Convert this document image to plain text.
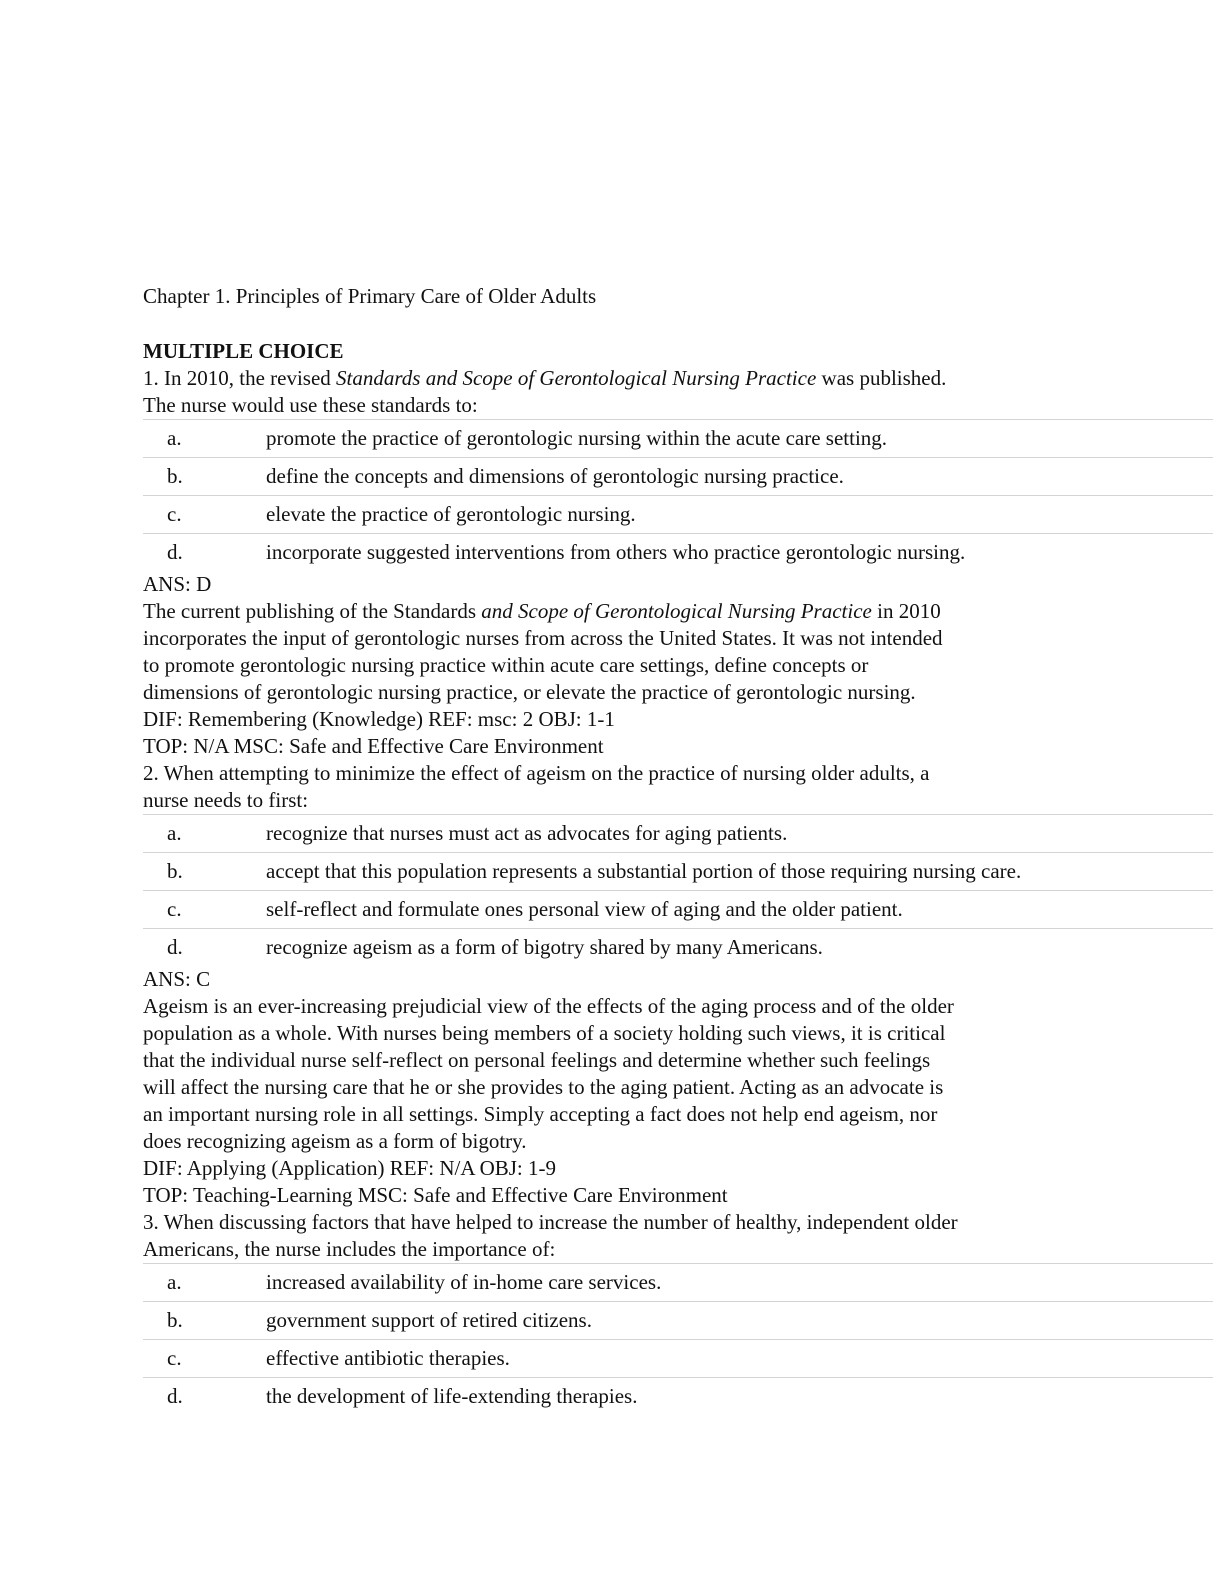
Chapter 1. Principles of Primary Care of Older Adults
MULTIPLE CHOICE
1. In 2010, the revised Standards and Scope of Gerontological Nursing Practice was published.
The nurse would use these standards to:
a.	promote the practice of gerontologic nursing within the acute care setting.
b.	define the concepts and dimensions of gerontologic nursing practice.
c.	elevate the practice of gerontologic nursing.
d.	incorporate suggested interventions from others who practice gerontologic nursing.
ANS: D
The current publishing of the Standards and Scope of Gerontological Nursing Practice in 2010
incorporates the input of gerontologic nurses from across the United States. It was not intended
to promote gerontologic nursing practice within acute care settings, define concepts or
dimensions of gerontologic nursing practice, or elevate the practice of gerontologic nursing.
DIF: Remembering (Knowledge) REF: msc: 2 OBJ: 1-1
TOP: N/A MSC: Safe and Effective Care Environment
2. When attempting to minimize the effect of ageism on the practice of nursing older adults, a
nurse needs to first:
a.	recognize that nurses must act as advocates for aging patients.
b.	accept that this population represents a substantial portion of those requiring nursing care.
c.	self-reflect and formulate ones personal view of aging and the older patient.
d.	recognize ageism as a form of bigotry shared by many Americans.
ANS: C
Ageism is an ever-increasing prejudicial view of the effects of the aging process and of the older
population as a whole. With nurses being members of a society holding such views, it is critical
that the individual nurse self-reflect on personal feelings and determine whether such feelings
will affect the nursing care that he or she provides to the aging patient. Acting as an advocate is
an important nursing role in all settings. Simply accepting a fact does not help end ageism, nor
does recognizing ageism as a form of bigotry.
DIF: Applying (Application) REF: N/A OBJ: 1-9
TOP: Teaching-Learning MSC: Safe and Effective Care Environment
3. When discussing factors that have helped to increase the number of healthy, independent older
Americans, the nurse includes the importance of:
a.	increased availability of in-home care services.
b.	government support of retired citizens.
c.	effective antibiotic therapies.
d.	the development of life-extending therapies.
